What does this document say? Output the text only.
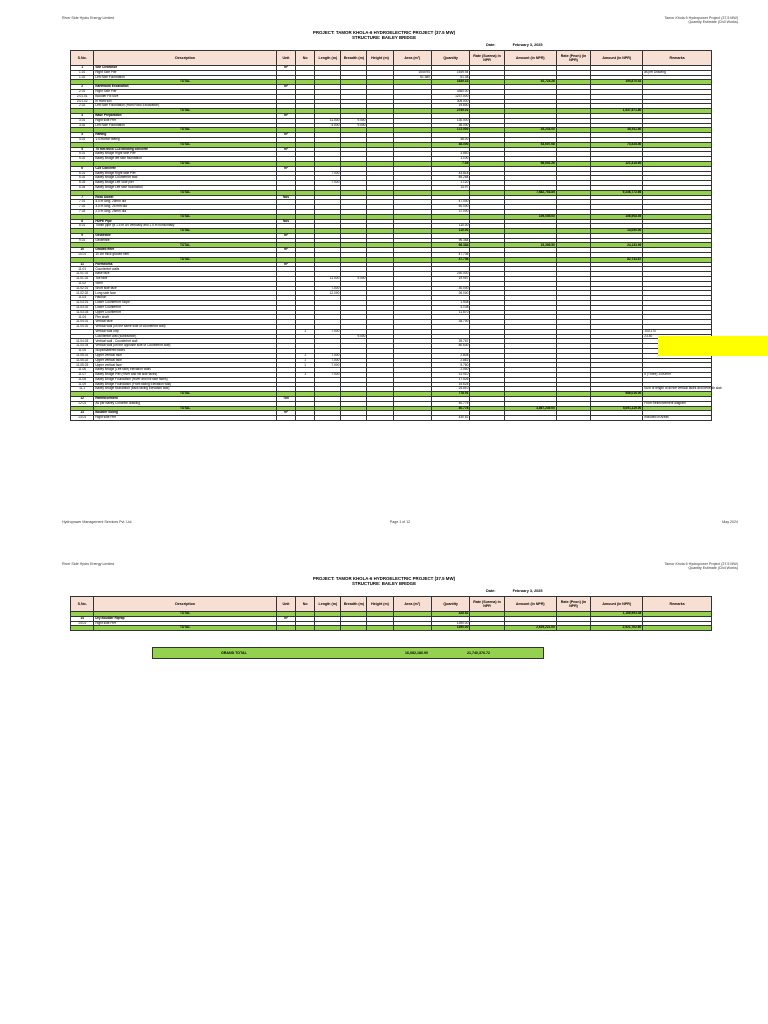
River Side Hydro Energy Limited	Tamor Khola 6 Hydropower Project (37.5 MW)
Quantity Estimate (Civil Works)
PROJECT: TAMOR KHOLA-6 HYDROELECTRIC PROJECT (37.5 MW)
STRUCTURE: BAILEY BRIDGE
Date:	February 3, 2025
S.No.	Description	Unit	No	Length (m)	Breadth (m)	Height (m)	Area (m²)	Quantity	Rate (Surena) in NPR	Amount (in NPR)	Rate (Peon) (in NPR)	Amount (in NPR)	Remarks
1	Site Clearance	m²											
1.01	Right Side Pier						1549.94	1549.94					as per Drawing
1.02	Left Side Foundation						61.380	61.38					
	TOTAL							1649.33		92,724.26		195,870.52	
2	Earthwork Excavation	m³											
2.01	Right Side Pier							4360.00					
2.01.01	Boulder Fill Size							1237.000					
2.01.02	In Hard soil							305.000					
2.02	Left Side Foundation (Hard Rock Excavation)							19.800					
	TOTAL							2759.02				1,537,571.80	
3	Base Preparation	m²											
3.01	Right side Pier			11.000	9.000			130.000					
3.02	Left Side Foundation			4.000	9.000			36.000					
	TOTAL							172.000		35,233.00		38,911.80	
4	Rafting	m²											
4.01	1:4 mortar rafting							48.00					
	TOTAL							48.000		53,607.68		73,528.80	
5	75 mm thick C15 blinding concrete	m³											
5.01	Bailey Bridge Right side Pier							3.850					
5.02	Bailey Bridge left side foundation							1.100					
	TOTAL							7.08		56,651.26		121,418.60	
6	C25 Concrete	m³											
6.01	Bailey Bridge Right side Pier			7.000				43.818					
6.02	Bailey Bridge Counterfort wall							89.284					
6.03	Bailey Bridge Left Side pier			7.000				1.120					
6.04	Bailey Bridge Left side foundation							14.97					
	TOTAL									7,682,753.85		9,246,772.66	
7	Rock Dowel	Nos											
7.01	4.0 m long, 25mm dia							47.000					
7.02	3.0 m long, 25 mm dia							50.000					
7.03	2.0 m long, 25mm dia							37.000					
	TOTAL									109,005.00		156,908.55	
8	HDPE Pipe	Nos											
8.01	75mm pipe @ 1.5 m c/c vertically and 1.5 m horizontally							110.00					
	TOTAL							110.00				13,050.00	
9	Geotextile	m²											
9.01	Geotextile							96.384					
	TOTAL							96.384		15,399.50		24,133.99	
10	Graded filter	m³											
10.01	10 cm thick graded filter							47.736					
	TOTAL							47.736				82,744.87	
11	Formworks	m²											
11.01	Counterfort walls												
11.01.01	Base face							230.000					
11.01.02	Toe face			11.000	9.000			19.957					
11.02	Stem												
11.02.01	Short side face			7.000				30.000					
11.02.02	Long side face			12.000				26.000					
11.03	Haunch												
11.03.01	Lower Counterfort Slope							1.938					
11.03.02	Lower Counterfort							4.108					
11.03.03	Upper Counterfort							11.670					
11.04	Pier shaft												
11.04.01	Vertical face							35.700					
11.04.02	Vertical wall (on the same side of counterfort wall)												
	Vertical wall only		1	7.000									100.170
	Counterfort wall (subtraction)				9.000								23.40
11.04.03	Vertical wall - Counterfort wall							39.767					
11.04.04	Vertical wall (on the opposite side of Counterfort wall)							80.630					
11.05	Slope/Battered faces												
11.05.01	Upper vertical face		1	7.000				2.808					
11.05.02	Upper vertical face		1	7.000				2.862					
11.05.03	Upper vertical face		1	7.000				5.780					
11.06	Bailey Bridge (Left side) elevation walls							2.050					
11.07	Bailey Bridge Pier (River and hill side faces)		1	7.000				31.910					5 (Three) 1000mm
11.08	Bailey Bridge Foundation (River and hill side faces)							17.526					
11.09	Bailey Bridge Foundation (Front facing Elevation wall)							15.625					
11.1	Bailey Bridge foundation (back facing Elevation wall)							25.810					Sum of length of all the vertical faces and beneath slab
	TOTAL							778.91				986,016.00	
12	Reinforcement	Ton											
12.01	As per Bailey Concrete drawing							40.778					From Reinforcement diagram
	TOTAL							40.778		3,867,239.00		5,091,119.00	
13	Boulder Soling	m³											
13.01	Right side Pier							430.62					Included in Areas
Hydropower Management Services Pvt. Ltd.	Page 1 of 12	May 2024
River Side Hydro Energy Limited	Tamor Khola 6 Hydropower Project (37.5 MW)
Quantity Estimate (Civil Works)
PROJECT: TAMOR KHOLA-6 HYDROELECTRIC PROJECT (37.5 MW)
STRUCTURE: BAILEY BRIDGE
Date:	February 3, 2025
S.No.	Description	Unit	No	Length (m)	Breadth (m)	Height (m)	Area (m²)	Quantity	Rate (Surena) in NPR	Amount (in NPR)	Rate (Peon) (in NPR)	Amount (in NPR)	Remarks
	TOTAL							428.62				1,166,993.48	
14	Dry Boulder Riprap	m³											
14.01	Right side Pier							1390.00					
	TOTAL							1390.00		2,619,221.00		2,921,762.60	
GRAND TOTAL	16,082,186.90	21,740,376.72
